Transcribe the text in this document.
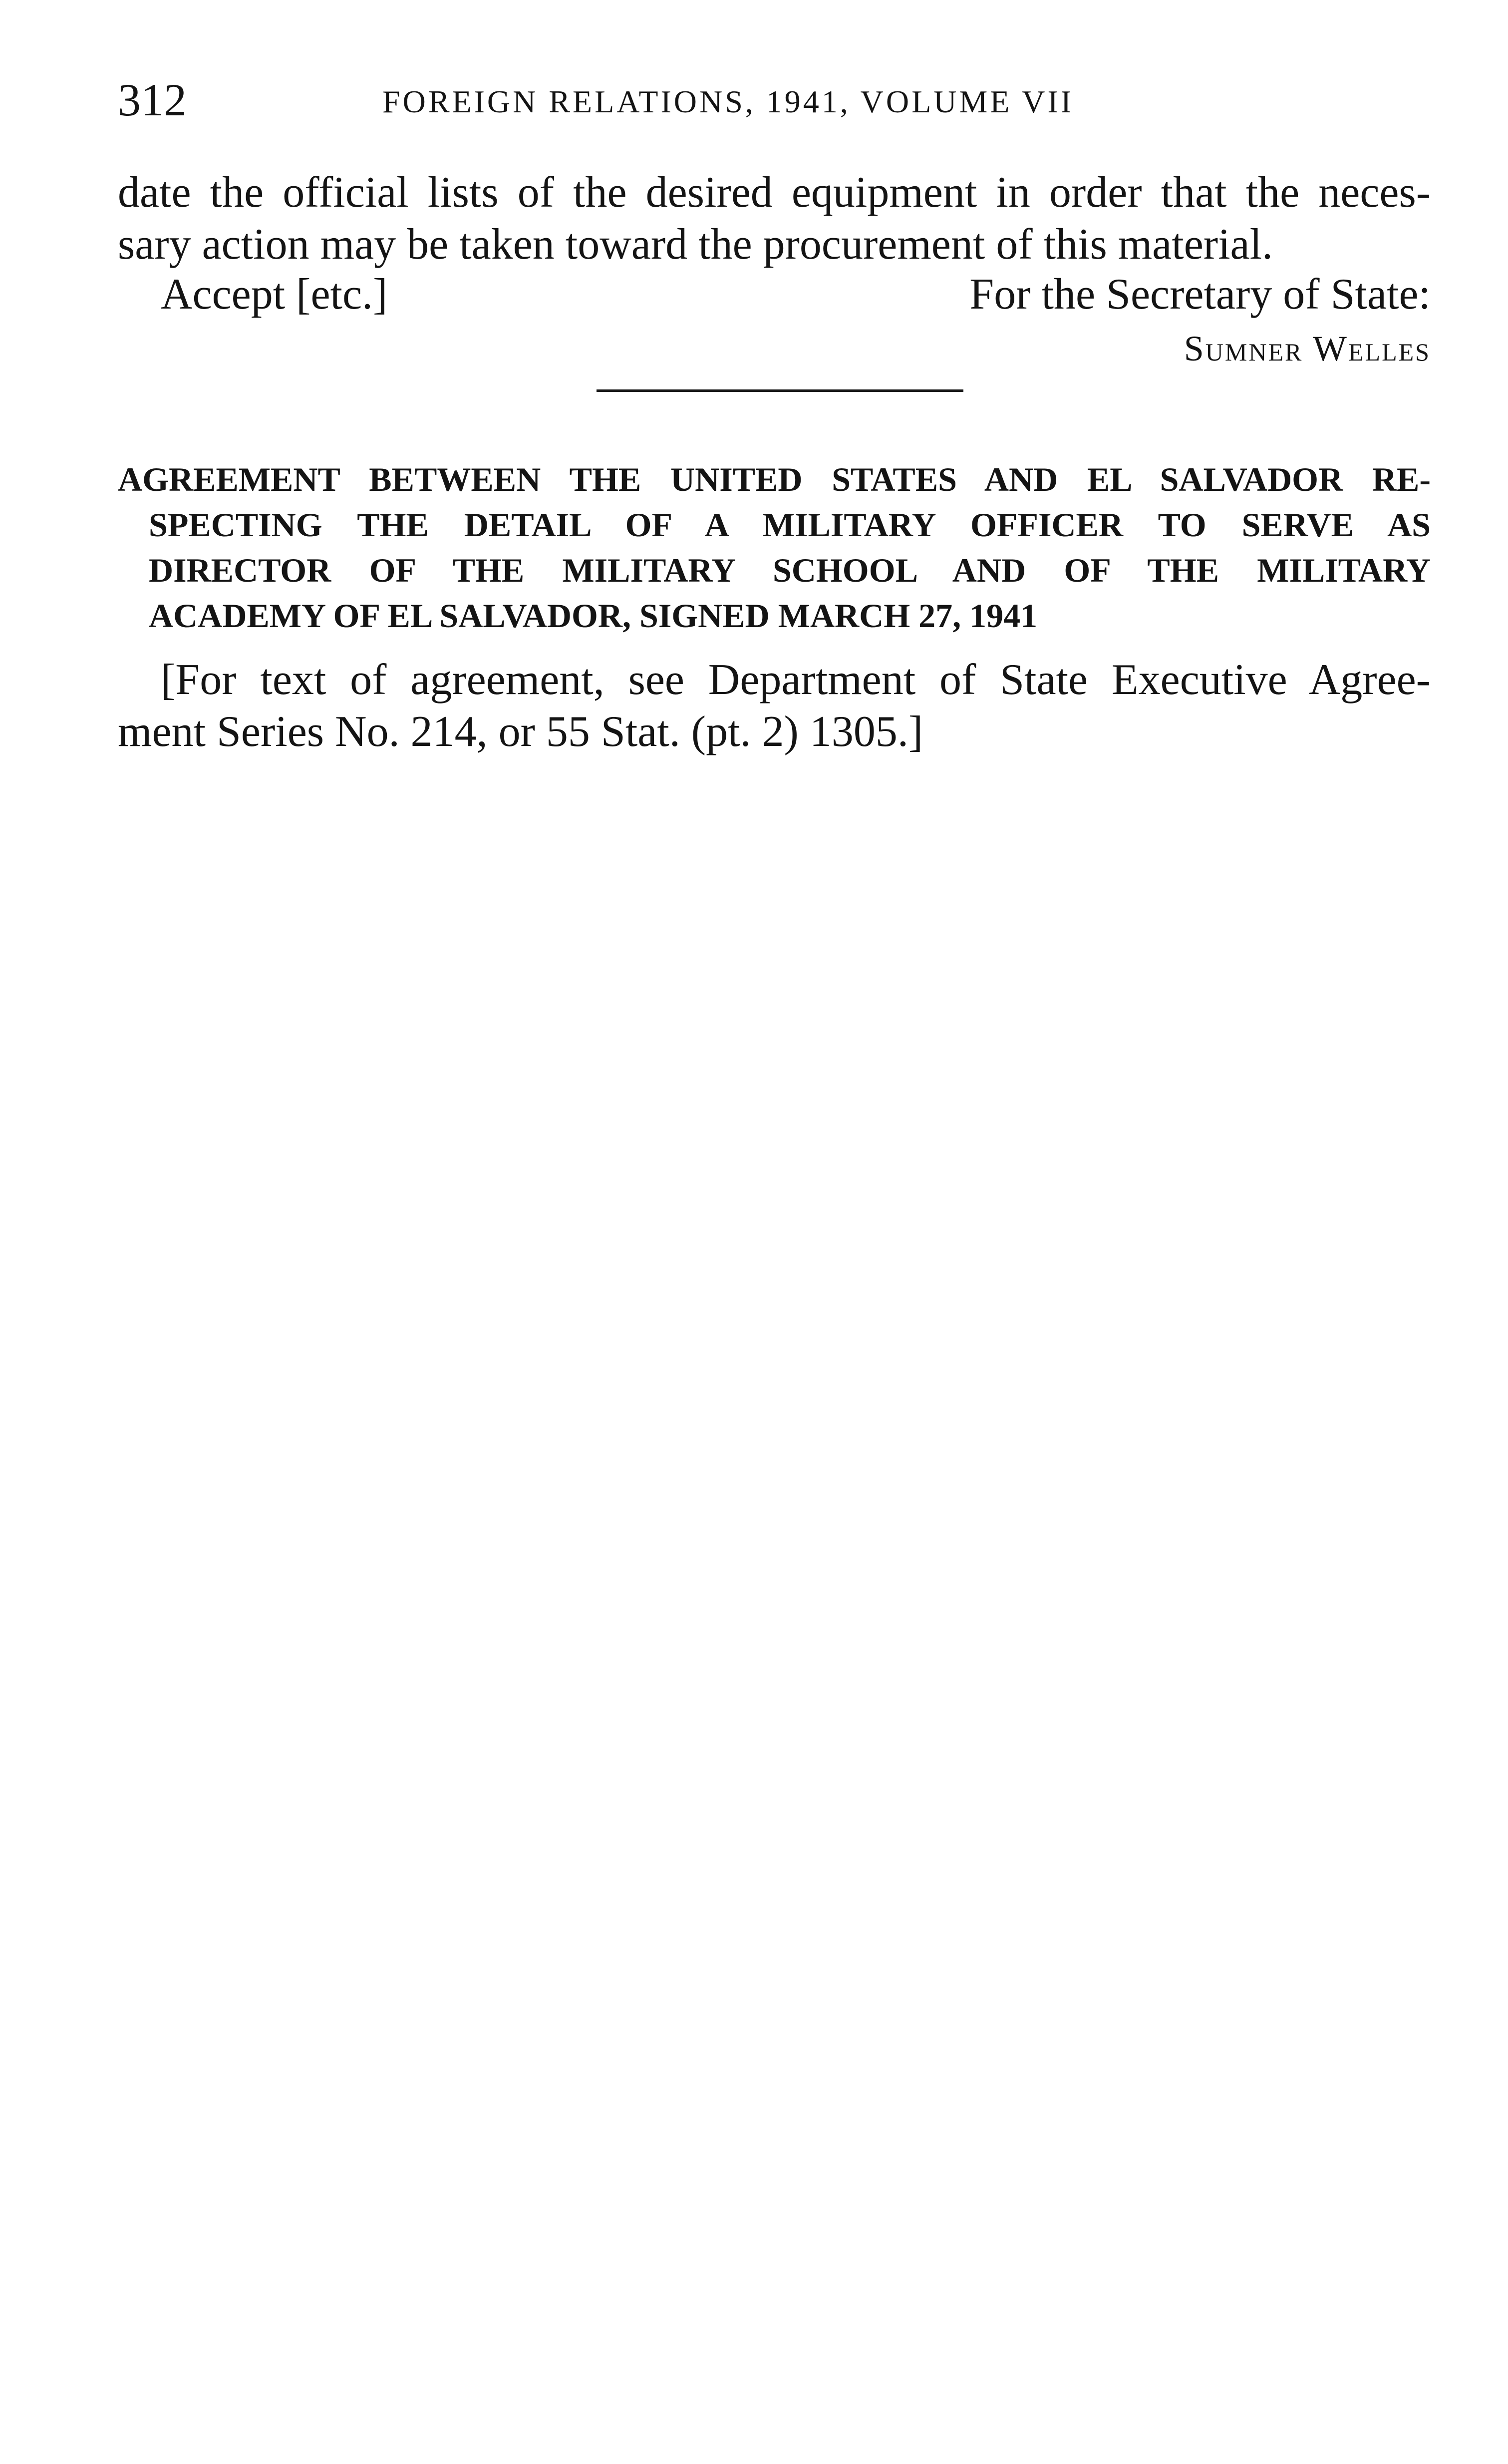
312	FOREIGN RELATIONS, 1941, VOLUME VII
date the official lists of the desired equipment in order that the neces-
sary action may be taken toward the procurement of this material.
Accept [etc.]	For the Secretary of State:
Sumner Welles
AGREEMENT BETWEEN THE UNITED STATES AND EL SALVADOR RE-
SPECTING THE DETAIL OF A MILITARY OFFICER TO SERVE AS
DIRECTOR OF THE MILITARY SCHOOL AND OF THE MILITARY
ACADEMY OF EL SALVADOR, SIGNED MARCH 27, 1941
[For text of agreement, see Department of State Executive Agree-
ment Series No. 214, or 55 Stat. (pt. 2) 1305.]
